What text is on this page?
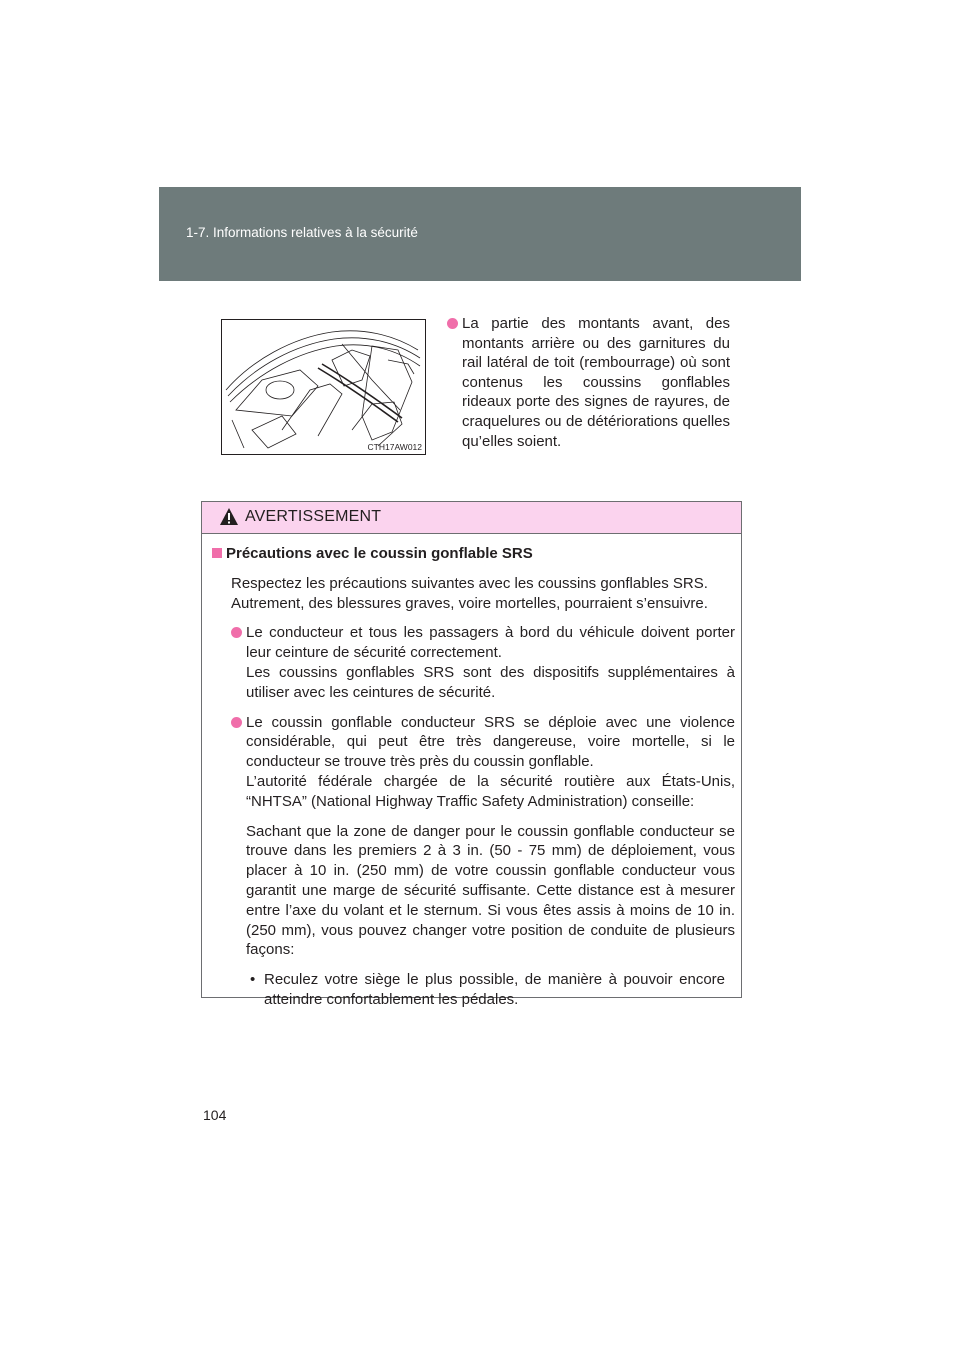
1-7. Informations relatives à la sécurité
CTH17AW012
La partie des montants avant, des montants arrière ou des garnitures du rail latéral de toit (rembourrage) où sont contenus les coussins gonflables rideaux porte des signes de rayures, de craquelures ou de détériorations quelles qu’elles soient.
AVERTISSEMENT
Précautions avec le coussin gonflable SRS
Respectez les précautions suivantes avec les coussins gonflables SRS.
Autrement, des blessures graves, voire mortelles, pourraient s’ensuivre.

Le conducteur et tous les passagers à bord du véhicule doivent porter leur ceinture de sécurité correctement.

Les coussins gonflables SRS sont des dispositifs supplémentaires à utiliser avec les ceintures de sécurité.

Le coussin gonflable conducteur SRS se déploie avec une violence considérable, qui peut être très dangereuse, voire mortelle, si le conducteur se trouve très près du coussin gonflable.

L’autorité fédérale chargée de la sécurité routière aux États-Unis, “NHTSA” (National Highway Traffic Safety Administration) conseille:

Sachant que la zone de danger pour le coussin gonflable conducteur se trouve dans les premiers 2 à 3 in. (50 - 75 mm) de déploiement, vous placer à 10 in. (250 mm) de votre coussin gonflable conducteur vous garantit une marge de sécurité suffisante. Cette distance est à mesurer entre l’axe du volant et le sternum. Si vous êtes assis à moins de 10 in. (250 mm), vous pouvez changer votre position de conduite de plusieurs façons:
• Reculez votre siège le plus possible, de manière à pouvoir encore atteindre confortablement les pédales.
104
